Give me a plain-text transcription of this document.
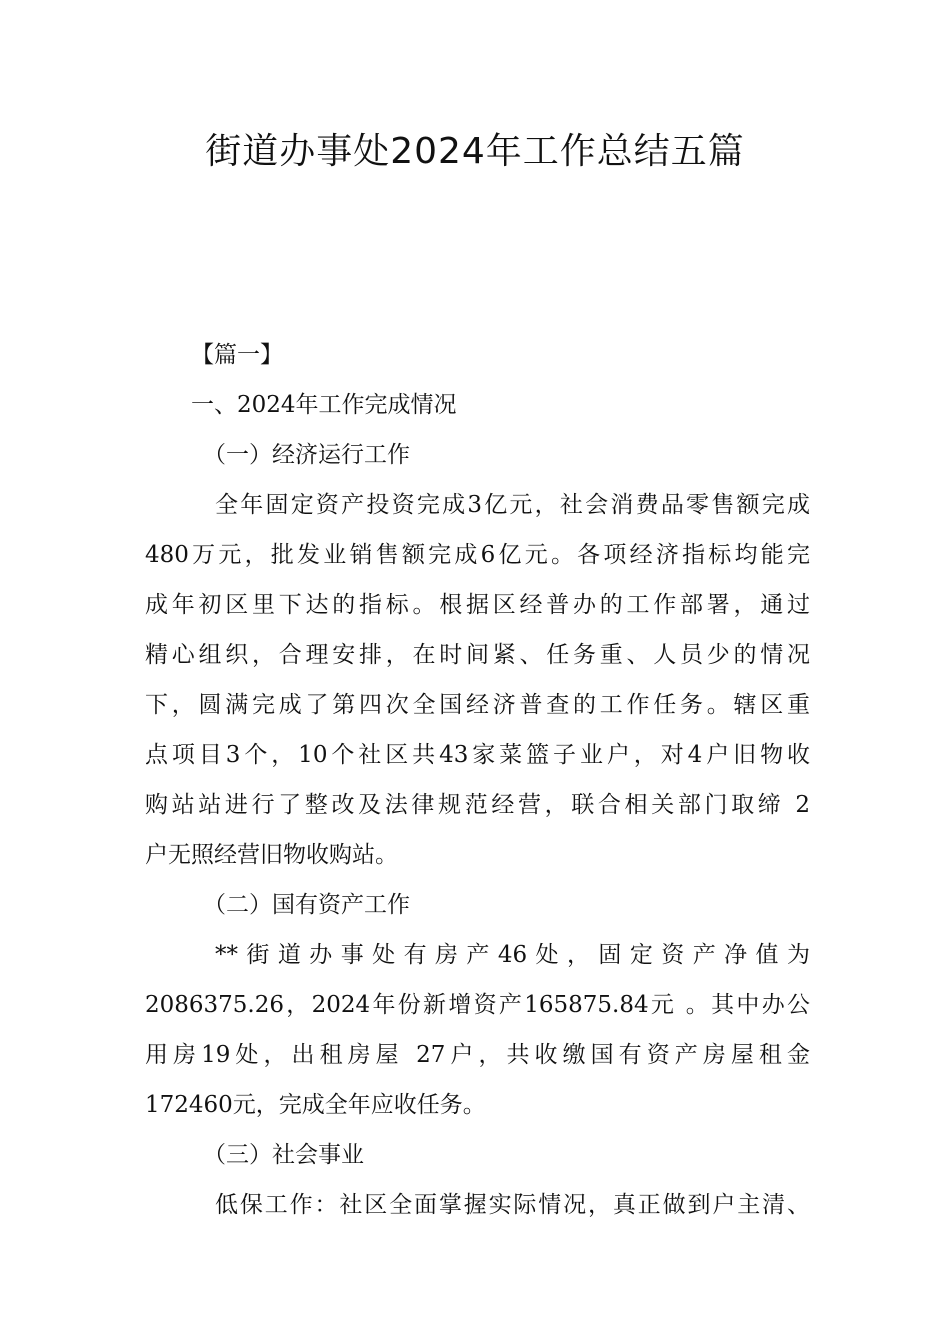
街道办事处2024年工作总结五篇
【篇一】
一、2024年工作完成情况
（一）经济运行工作
全年固定资产投资完成3亿元，社会消费品零售额完成
480万元，批发业销售额完成6亿元。各项经济指标均能完
成年初区里下达的指标。根据区经普办的工作部署，通过
精心组织，合理安排，在时间紧、任务重、人员少的情况
下，圆满完成了第四次全国经济普查的工作任务。辖区重
点项目3个，10个社区共43家菜篮子业户，对4户旧物收
购站站进行了整改及法律规范经营，联合相关部门取缔 2
户无照经营旧物收购站。
（二）国有资产工作
**街道办事处有房产46处，固定资产净值为
2086375.26，2024年份新增资产165875.84元 。其中办公
用房19处，出租房屋 27户，共收缴国有资产房屋租金
172460元，完成全年应收任务。
（三）社会事业
低保工作：社区全面掌握实际情况，真正做到户主清、
